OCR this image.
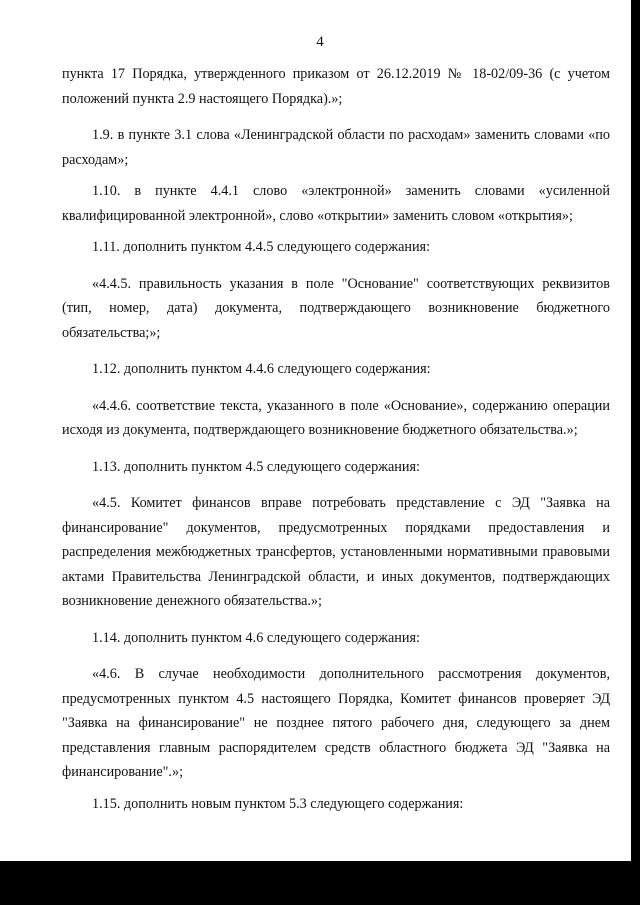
4

пункта 17 Порядка, утвержденного приказом от 26.12.2019 № 18-02/09-36 (с учетом положений пункта 2.9 настоящего Порядка).»;

1.9. в пункте 3.1 слова «Ленинградской области по расходам» заменить словами «по расходам»;

1.10. в пункте 4.4.1 слово «электронной» заменить словами «усиленной квалифицированной электронной», слово «открытии» заменить словом «открытия»;

1.11. дополнить пунктом 4.4.5 следующего содержания:

«4.4.5. правильность указания в поле "Основание" соответствующих реквизитов (тип, номер, дата) документа, подтверждающего возникновение бюджетного обязательства;»;

1.12. дополнить пунктом 4.4.6 следующего содержания:

«4.4.6. соответствие текста, указанного в поле «Основание», содержанию операции исходя из документа, подтверждающего возникновение бюджетного обязательства.»;

1.13. дополнить пунктом 4.5 следующего содержания:

«4.5. Комитет финансов вправе потребовать представление с ЭД "Заявка на финансирование" документов, предусмотренных порядками предоставления и распределения межбюджетных трансфертов, установленными нормативными правовыми актами Правительства Ленинградской области, и иных документов, подтверждающих возникновение денежного обязательства.»;

1.14. дополнить пунктом 4.6 следующего содержания:

«4.6. В случае необходимости дополнительного рассмотрения документов, предусмотренных пунктом 4.5 настоящего Порядка, Комитет финансов проверяет ЭД "Заявка на финансирование" не позднее пятого рабочего дня, следующего за днем представления главным распорядителем средств областного бюджета ЭД "Заявка на финансирование".»;

1.15. дополнить новым пунктом 5.3 следующего содержания:
